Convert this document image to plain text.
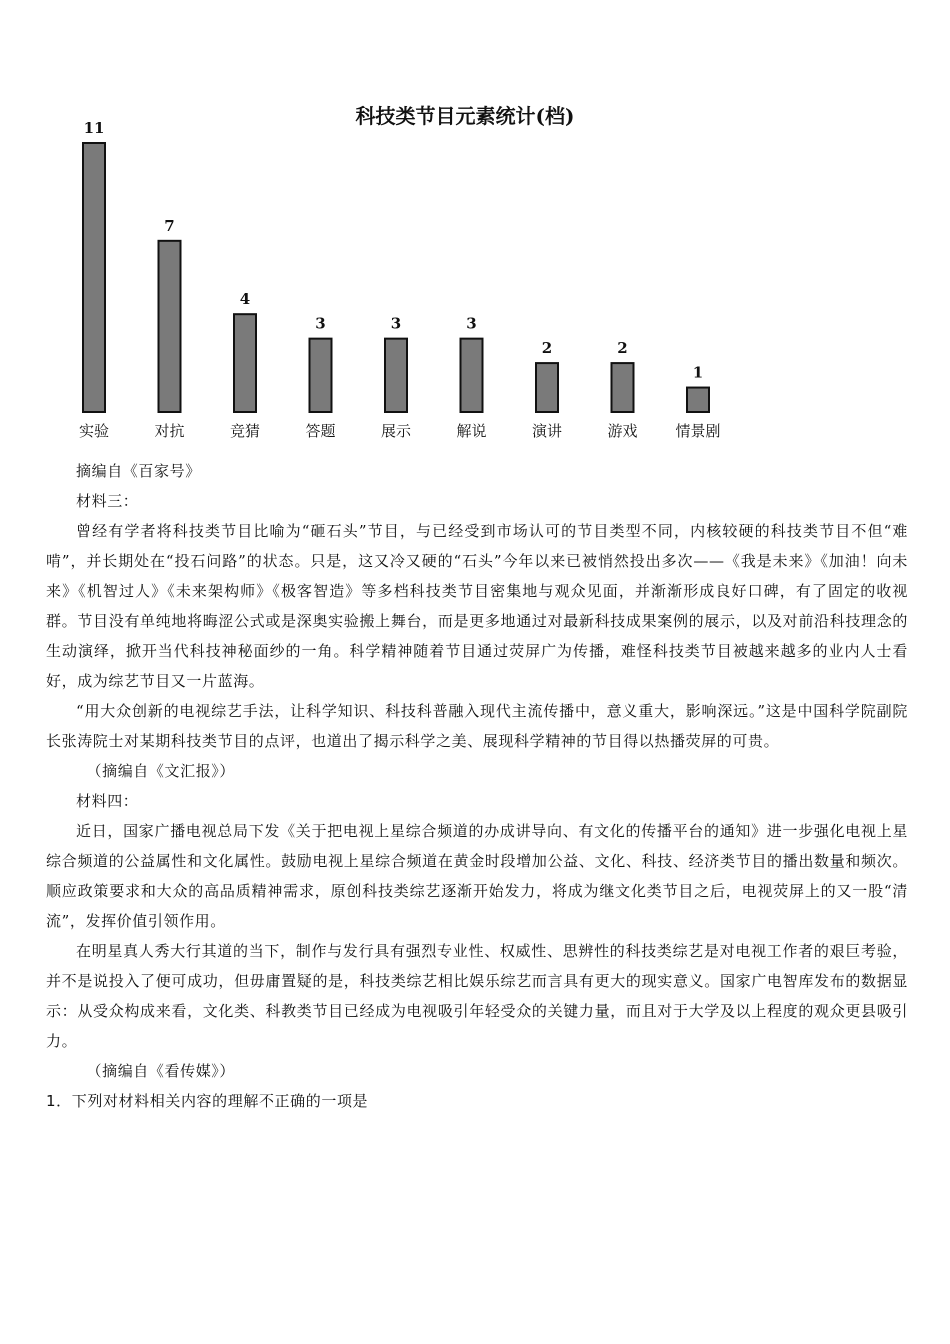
科技类节目元素统计(档)
11
实验
7
对抗
4
竞猜
3
答题
3
展示
3
解说
2
演讲
2
游戏
1
情景剧

摘编自《百家号》

材料三：

曾经有学者将科技类节目比喻为“砸石头”节目，与已经受到市场认可的节目类型不同，内核较硬的科技类节目不但“难啃”，并长期处在“投石问路”的状态。只是，这又冷又硬的“石头”今年以来已被悄然投出多次——《我是未来》《加油！向未来》《机智过人》《未来架构师》《极客智造》等多档科技类节目密集地与观众见面，并渐渐形成良好口碑，有了固定的收视群。节目没有单纯地将晦涩公式或是深奥实验搬上舞台，而是更多地通过对最新科技成果案例的展示，以及对前沿科技理念的生动演绎，掀开当代科技神秘面纱的一角。科学精神随着节目通过荧屏广为传播，难怪科技类节目被越来越多的业内人士看好，成为综艺节目又一片蓝海。

“用大众创新的电视综艺手法，让科学知识、科技科普融入现代主流传播中，意义重大，影响深远。”这是中国科学院副院长张涛院士对某期科技类节目的点评，也道出了揭示科学之美、展现科学精神的节目得以热播荧屏的可贵。

（摘编自《文汇报》）

材料四：

近日，国家广播电视总局下发《关于把电视上星综合频道的办成讲导向、有文化的传播平台的通知》进一步强化电视上星综合频道的公益属性和文化属性。鼓励电视上星综合频道在黄金时段增加公益、文化、科技、经济类节目的播出数量和频次。顺应政策要求和大众的高品质精神需求，原创科技类综艺逐渐开始发力，将成为继文化类节目之后，电视荧屏上的又一股“清流”，发挥价值引领作用。

在明星真人秀大行其道的当下，制作与发行具有强烈专业性、权威性、思辨性的科技类综艺是对电视工作者的艰巨考验，并不是说投入了便可成功，但毋庸置疑的是，科技类综艺相比娱乐综艺而言具有更大的现实意义。国家广电智库发布的数据显示：从受众构成来看，文化类、科教类节目已经成为电视吸引年轻受众的关键力量，而且对于大学及以上程度的观众更县吸引力。

（摘编自《看传媒》）

1．下列对材料相关内容的理解不正确的一项是
